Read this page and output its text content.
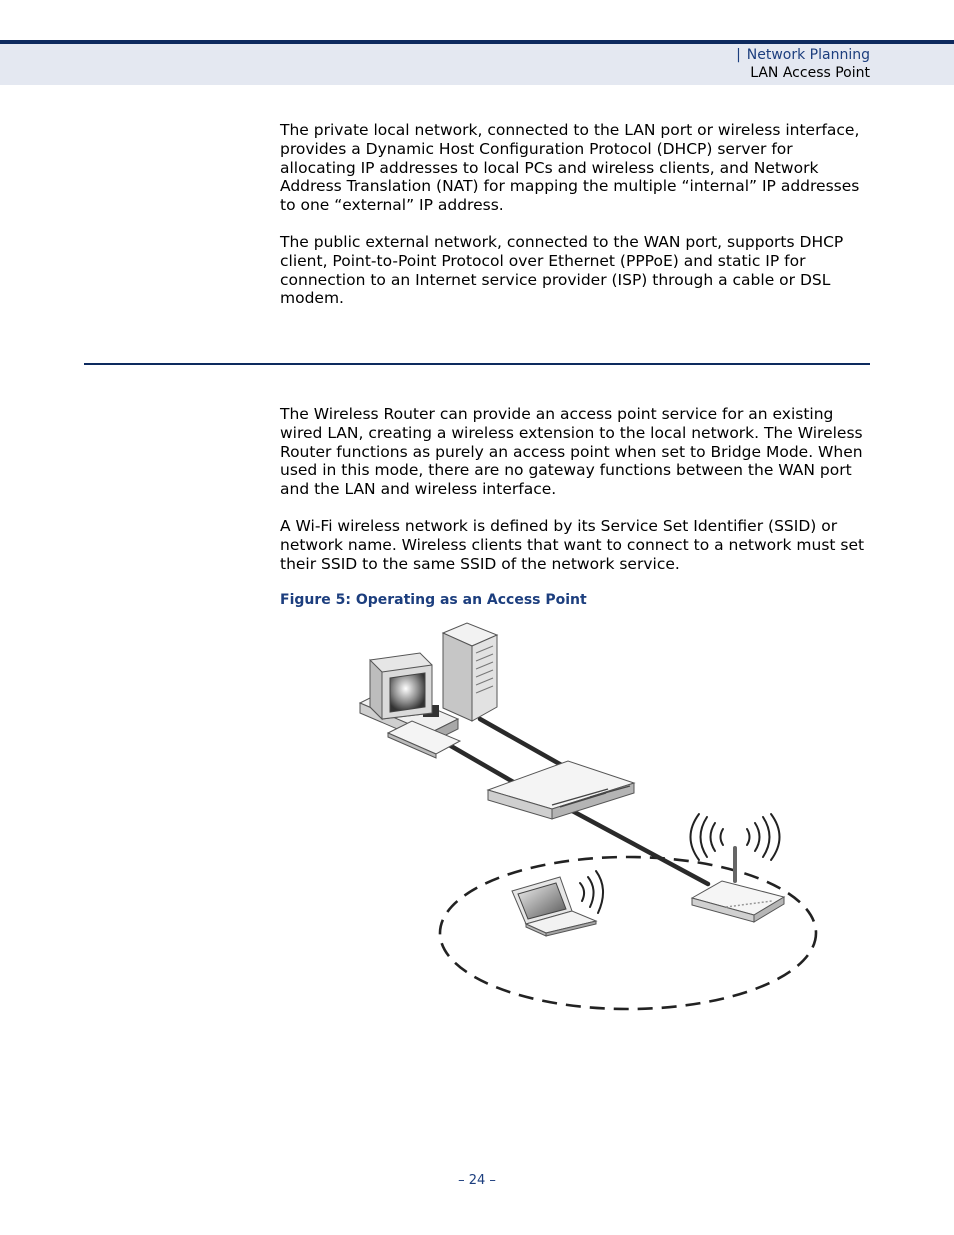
| Network Planning
LAN Access Point

The private local network, connected to the LAN port or wireless interface, provides a Dynamic Host Configuration Protocol (DHCP) server for allocating IP addresses to local PCs and wireless clients, and Network Address Translation (NAT) for mapping the multiple “internal” IP addresses to one “external” IP address.

The public external network, connected to the WAN port, supports DHCP client, Point-to-Point Protocol over Ethernet (PPPoE) and static IP for connection to an Internet service provider (ISP) through a cable or DSL modem.

The Wireless Router can provide an access point service for an existing wired LAN, creating a wireless extension to the local network. The Wireless Router functions as purely an access point when set to Bridge Mode. When used in this mode, there are no gateway functions between the WAN port and the LAN and wireless interface.

A Wi-Fi wireless network is defined by its Service Set Identifier (SSID) or network name. Wireless clients that want to connect to a network must set their SSID to the same SSID of the network service.

Figure 5: Operating as an Access Point
– 24 –
